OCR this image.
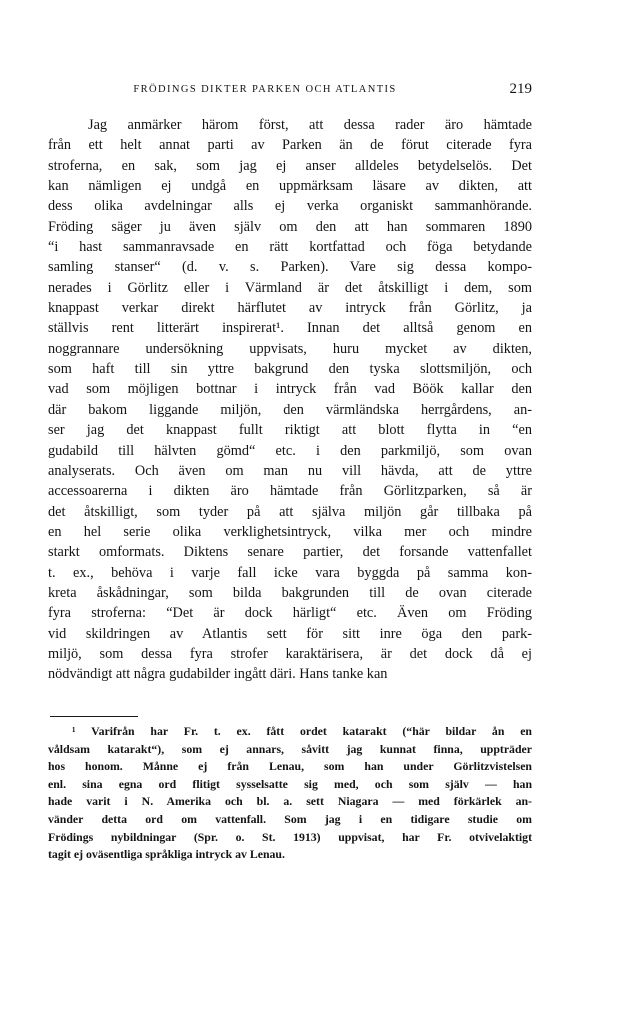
FRÖDINGS DIKTER PARKEN OCH ATLANTIS	219
Jag anmärker härom först, att dessa rader äro hämtade
från ett helt annat parti av Parken än de förut citerade fyra
stroferna, en sak, som jag ej anser alldeles betydelselös. Det
kan nämligen ej undgå en uppmärksam läsare av dikten, att
dess olika avdelningar alls ej verka organiskt sammanhörande.
Fröding säger ju även själv om den att han sommaren 1890
“i hast sammanravsade en rätt kortfattad och föga betydande
samling stanser“ (d. v. s. Parken). Vare sig dessa kompo-
nerades i Görlitz eller i Värmland är det åtskilligt i dem, som
knappast verkar direkt härflutet av intryck från Görlitz, ja
ställvis rent litterärt inspirerat¹. Innan det alltså genom en
noggrannare undersökning uppvisats, huru mycket av dikten,
som haft till sin yttre bakgrund den tyska slottsmiljön, och
vad som möjligen bottnar i intryck från vad Böök kallar den
där bakom liggande miljön, den värmländska herrgårdens, an-
ser jag det knappast fullt riktigt att blott flytta in “en
gudabild till hälvten gömd“ etc. i den parkmiljö, som ovan
analyserats. Och även om man nu vill hävda, att de yttre
accessoarerna i dikten äro hämtade från Görlitzparken, så är
det åtskilligt, som tyder på att själva miljön går tillbaka på
en hel serie olika verklighetsintryck, vilka mer och mindre
starkt omformats. Diktens senare partier, det forsande vattenfallet
t. ex., behöva i varje fall icke vara byggda på samma kon-
kreta åskådningar, som bilda bakgrunden till de ovan citerade
fyra stroferna: “Det är dock härligt“ etc. Även om Fröding
vid skildringen av Atlantis sett för sitt inre öga den park-
miljö, som dessa fyra strofer karaktärisera, är det dock då ej
nödvändigt att några gudabilder ingått däri. Hans tanke kan
¹ Varifrån har Fr. t. ex. fått ordet katarakt (“här bildar ån en
våldsam katarakt“), som ej annars, såvitt jag kunnat finna, uppträder
hos honom. Månne ej från Lenau, som han under Görlitzvistelsen
enl. sina egna ord flitigt sysselsatte sig med, och som själv — han
hade varit i N. Amerika och bl. a. sett Niagara — med förkärlek an-
vänder detta ord om vattenfall. Som jag i en tidigare studie om
Frödings nybildningar (Spr. o. St. 1913) uppvisat, har Fr. otvivelaktigt
tagit ej oväsentliga språkliga intryck av Lenau.
